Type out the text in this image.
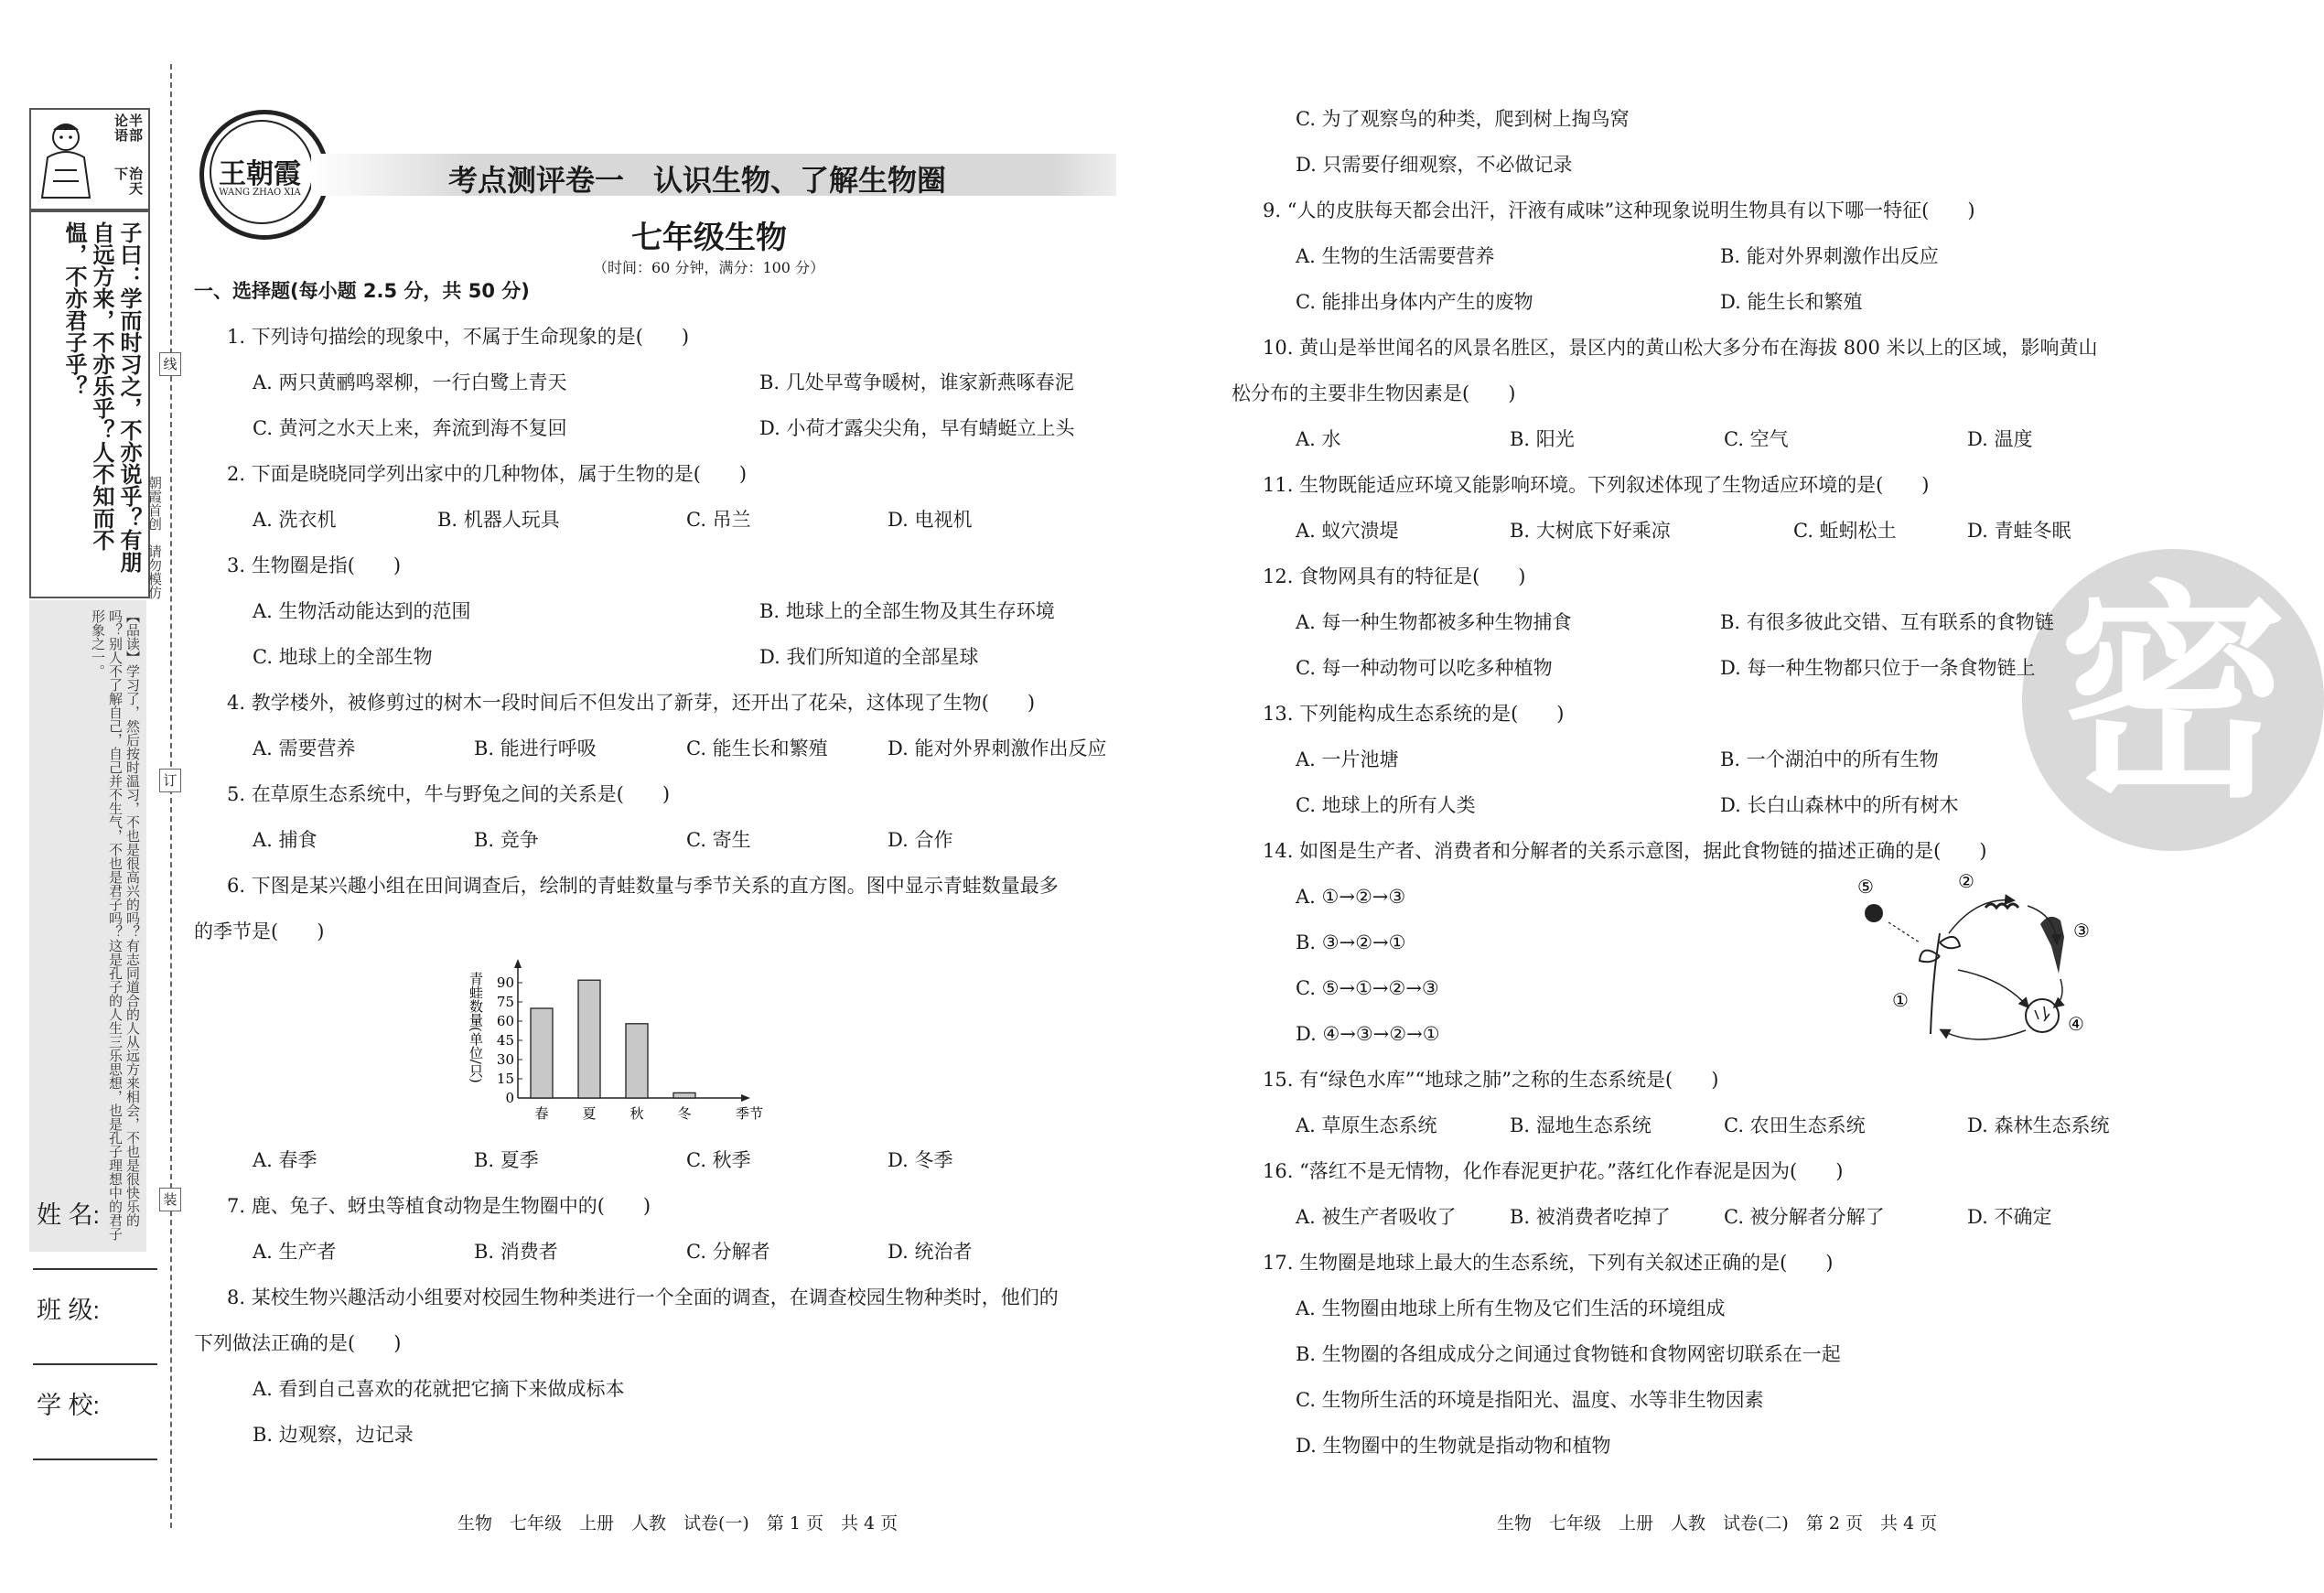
半部论语治天下
子曰：学而时习之，不亦说乎？有朋自远方来，不亦乐乎？人不知而不愠，不亦君子乎？
【品读】学习了，然后按时温习，不也是很高兴的吗？有志同道合的人从远方来相会，不也是很快乐的吗？别人不了解自己，自己并不生气，不也是君子吗？这是孔子的人生三乐思想，也是孔子理想中的君子形象之一。
姓 名:
班 级:
学 校:
线
订
装
朝霞首创　请勿模仿
王朝霞
WANG ZHAO XIA	考点测评卷一　认识生物、了解生物圈
七年级生物
（时间：60 分钟，满分：100 分）
一、选择题(每小题 2.5 分，共 50 分)
1. 下列诗句描绘的现象中，不属于生命现象的是(　　)
A. 两只黄鹂鸣翠柳，一行白鹭上青天	B. 几处早莺争暖树，谁家新燕啄春泥
C. 黄河之水天上来，奔流到海不复回	D. 小荷才露尖尖角，早有蜻蜓立上头
2. 下面是晓晓同学列出家中的几种物体，属于生物的是(　　)
A. 洗衣机	B. 机器人玩具	C. 吊兰	D. 电视机
3. 生物圈是指(　　)
A. 生物活动能达到的范围	B. 地球上的全部生物及其生存环境
C. 地球上的全部生物	D. 我们所知道的全部星球
4. 教学楼外，被修剪过的树木一段时间后不但发出了新芽，还开出了花朵，这体现了生物(　　)
A. 需要营养	B. 能进行呼吸	C. 能生长和繁殖	D. 能对外界刺激作出反应
5. 在草原生态系统中，牛与野兔之间的关系是(　　)
A. 捕食	B. 竞争	C. 寄生	D. 合作
6. 下图是某兴趣小组在田间调查后，绘制的青蛙数量与季节关系的直方图。图中显示青蛙数量最多
的季节是(　　)
青蛙数量(单位/只)
0
15
30
45
60
75
90
春 夏 秋 冬	季节
A. 春季	B. 夏季	C. 秋季	D. 冬季
7. 鹿、兔子、蚜虫等植食动物是生物圈中的(　　)
A. 生产者	B. 消费者	C. 分解者	D. 统治者
8. 某校生物兴趣活动小组要对校园生物种类进行一个全面的调查，在调查校园生物种类时，他们的
下列做法正确的是(　　)
A. 看到自己喜欢的花就把它摘下来做成标本
B. 边观察，边记录
生物　七年级　上册　人教　试卷(一)　第 1 页　共 4 页
密
C. 为了观察鸟的种类，爬到树上掏鸟窝
D. 只需要仔细观察，不必做记录
9. “人的皮肤每天都会出汗，汗液有咸味”这种现象说明生物具有以下哪一特征(　　)
A. 生物的生活需要营养	B. 能对外界刺激作出反应
C. 能排出身体内产生的废物	D. 能生长和繁殖
10. 黄山是举世闻名的风景名胜区，景区内的黄山松大多分布在海拔 800 米以上的区域，影响黄山
松分布的主要非生物因素是(　　)
A. 水	B. 阳光	C. 空气	D. 温度
11. 生物既能适应环境又能影响环境。下列叙述体现了生物适应环境的是(　　)
A. 蚁穴溃堤	B. 大树底下好乘凉	C. 蚯蚓松土	D. 青蛙冬眠
12. 食物网具有的特征是(　　)
A. 每一种生物都被多种生物捕食	B. 有很多彼此交错、互有联系的食物链
C. 每一种动物可以吃多种植物	D. 每一种生物都只位于一条食物链上
13. 下列能构成生态系统的是(　　)
A. 一片池塘	B. 一个湖泊中的所有生物
C. 地球上的所有人类	D. 长白山森林中的所有树木
14. 如图是生产者、消费者和分解者的关系示意图，据此食物链的描述正确的是(　　)
A. ①→②→③
B. ③→②→①
C. ⑤→①→②→③
D. ④→③→②→①
⑤	②
③
①
④
15. 有“绿色水库”“地球之肺”之称的生态系统是(　　)
A. 草原生态系统	B. 湿地生态系统	C. 农田生态系统	D. 森林生态系统
16. “落红不是无情物，化作春泥更护花。”落红化作春泥是因为(　　)
A. 被生产者吸收了	B. 被消费者吃掉了	C. 被分解者分解了	D. 不确定
17. 生物圈是地球上最大的生态系统，下列有关叙述正确的是(　　)
A. 生物圈由地球上所有生物及它们生活的环境组成
B. 生物圈的各组成成分之间通过食物链和食物网密切联系在一起
C. 生物所生活的环境是指阳光、温度、水等非生物因素
D. 生物圈中的生物就是指动物和植物
生物　七年级　上册　人教　试卷(二)　第 2 页　共 4 页
